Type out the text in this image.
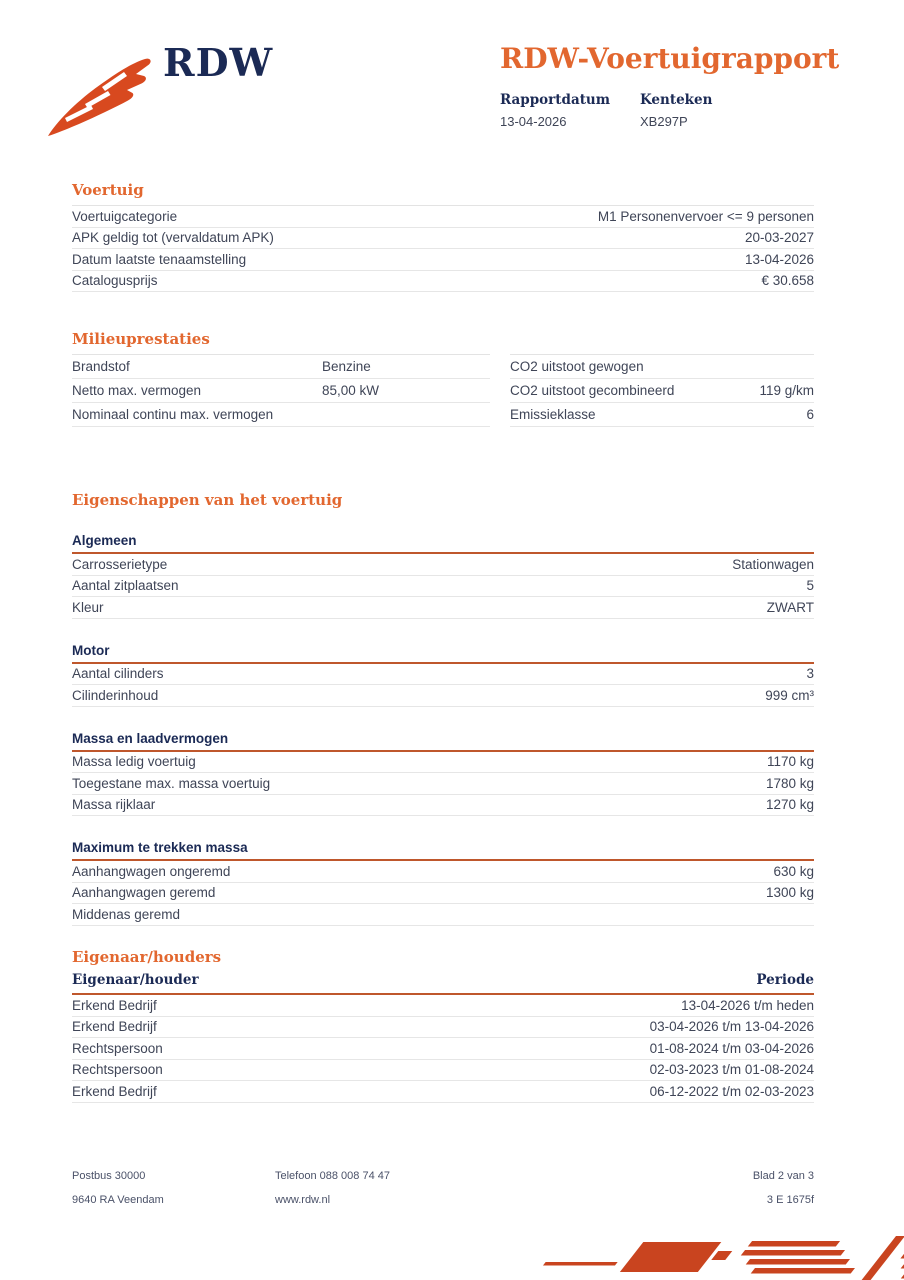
RDW	RDW-Voertuigrapport
Rapportdatum
13-04-2026
Kenteken
XB297P
Voertuig
Voertuigcategorie	M1 Personenvervoer <= 9 personen
APK geldig tot (vervaldatum APK)	20-03-2027
Datum laatste tenaamstelling	13-04-2026
Catalogusprijs	€ 30.658
Milieuprestaties
Brandstof	Benzine
Netto max. vermogen	85,00 kW
Nominaal continu max. vermogen
CO2 uitstoot gewogen
CO2 uitstoot gecombineerd	119 g/km
Emissieklasse	6
Eigenschappen van het voertuig
Algemeen
Carrosserietype	Stationwagen
Aantal zitplaatsen	5
Kleur	ZWART
Motor
Aantal cilinders	3
Cilinderinhoud	999 cm³
Massa en laadvermogen
Massa ledig voertuig	1170 kg
Toegestane max. massa voertuig	1780 kg
Massa rijklaar	1270 kg
Maximum te trekken massa
Aanhangwagen ongeremd	630 kg
Aanhangwagen geremd	1300 kg
Middenas geremd
Eigenaar/houders
Eigenaar/houder	Periode
Erkend Bedrijf	13-04-2026 t/m heden
Erkend Bedrijf	03-04-2026 t/m 13-04-2026
Rechtspersoon	01-08-2024 t/m 03-04-2026
Rechtspersoon	02-03-2023 t/m 01-08-2024
Erkend Bedrijf	06-12-2022 t/m 02-03-2023
Postbus 30000	Telefoon 088 008 74 47	Blad 2 van 3
9640 RA Veendam	www.rdw.nl	3 E 1675f
